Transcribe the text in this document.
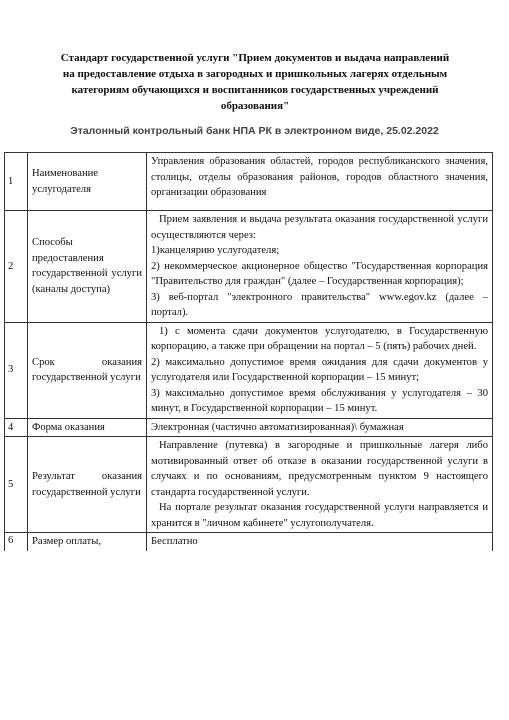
Стандарт государственной услуги "Прием документов и выдача направлений на предоставление отдыха в загородных и пришкольных лагерях отдельным категориям обучающихся и воспитанников государственных учреждений образования"
Эталонный контрольный банк НПА РК в электронном виде, 25.02.2022
1	Наименование услугодателя	Управления образования областей, городов республиканского значения, столицы, отделы образования районов, городов областного значения, организации образования

2	Способы предоставления государственной услуги (каналы доступа)	Прием заявления и выдача результата оказания государственной услуги осуществляются через:

1)канцелярию услугодателя;

2) некоммерческое акционерное общество "Государственная корпорация "Правительство для граждан" (далее – Государственная корпорация);

3) веб-портал "электронного правительства" www.egov.kz (далее – портал).

3	Срок оказания государственной услуги	1) с момента сдачи документов услугодателю, в Государственную корпорацию, а также при обращении на портал – 5 (пять) рабочих дней.

2) максимально допустимое время ожидания для сдачи документов у услугодателя или Государственной корпорации – 15 минут;

3) максимально допустимое время обслуживания у услугодателя – 30 минут, в Государственной корпорации – 15 минут.

4	Форма оказания	Электронная (частично автоматизированная)\ бумажная

5	Результат оказания государственной услуги	Направление (путевка) в загородные и пришкольные лагеря либо мотивированный ответ об отказе в оказании государственной услуги в случаях и по основаниям, предусмотренным пунктом 9 настоящего стандарта государственной услуги.

На портале результат оказания государственной услуги направляется и хранится в "личном кабинете" услугополучателя.

6	Размер оплаты,	Бесплатно
